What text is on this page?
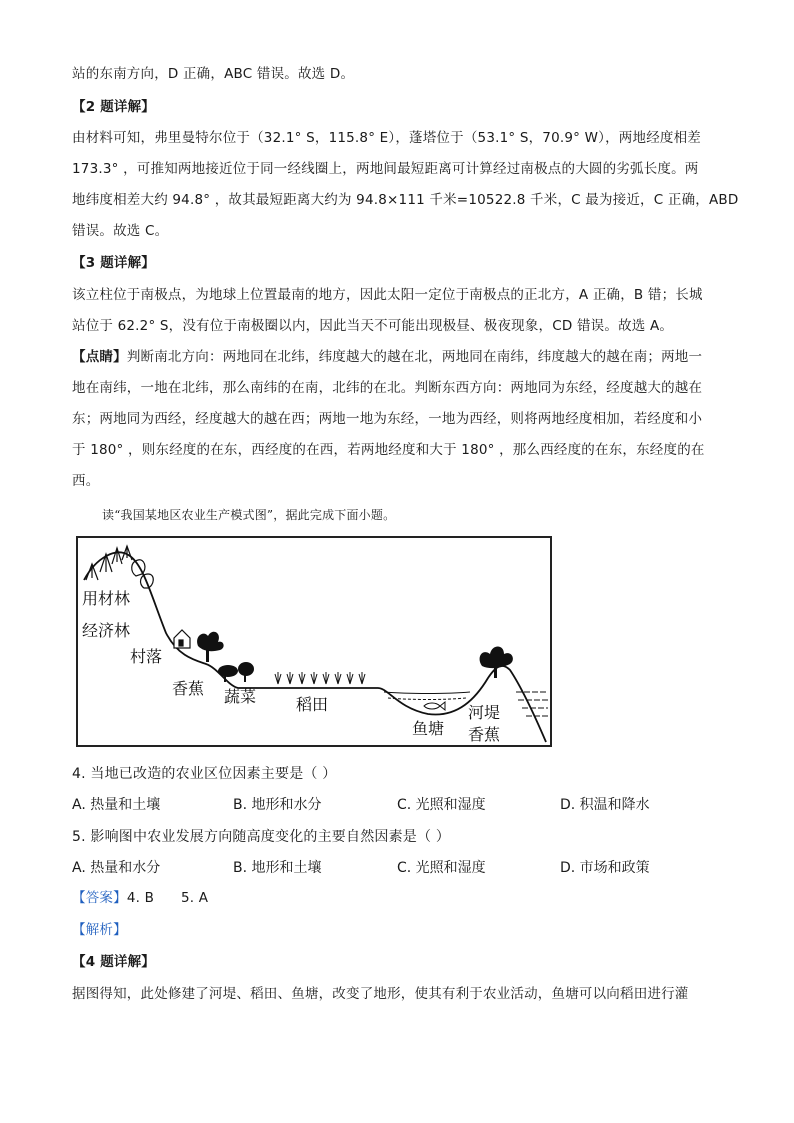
站的东南方向，D 正确，ABC 错误。故选 D。
【2 题详解】
由材料可知，弗里曼特尔位于（32.1° S，115.8° E），蓬塔位于（53.1° S，70.9° W），两地经度相差
173.3° ，可推知两地接近位于同一经线圈上，两地间最短距离可计算经过南极点的大圆的劣弧长度。两
地纬度相差大约 94.8° ，故其最短距离大约为 94.8×111 千米=10522.8 千米，C 最为接近，C 正确，ABD
错误。故选 C。
【3 题详解】
该立柱位于南极点，为地球上位置最南的地方，因此太阳一定位于南极点的正北方，A 正确，B 错；长城
站位于 62.2° S，没有位于南极圈以内，因此当天不可能出现极昼、极夜现象，CD 错误。故选 A。
【点睛】判断南北方向：两地同在北纬，纬度越大的越在北，两地同在南纬，纬度越大的越在南；两地一
地在南纬，一地在北纬，那么南纬的在南，北纬的在北。判断东西方向：两地同为东经，经度越大的越在
东；两地同为西经，经度越大的越在西；两地一地为东经，一地为西经，则将两地经度相加，若经度和小
于 180° ，则东经度的在东，西经度的在西，若两地经度和大于 180° ，那么西经度的在东，东经度的在
西。
读“我国某地区农业生产模式图”，据此完成下面小题。
用材林
经济林
村落
香蕉 蔬菜 稻田
鱼塘
河堤
香蕉
4. 当地已改造的农业区位因素主要是（ ）
A. 热量和土壤	B. 地形和水分	C. 光照和湿度	D. 积温和降水
5. 影响图中农业发展方向随高度变化的主要自然因素是（ ）
A. 热量和水分	B. 地形和土壤	C. 光照和湿度	D. 市场和政策
【答案】4. B      5. A
【解析】
【4 题详解】
据图得知，此处修建了河堤、稻田、鱼塘，改变了地形，使其有利于农业活动，鱼塘可以向稻田进行灌
